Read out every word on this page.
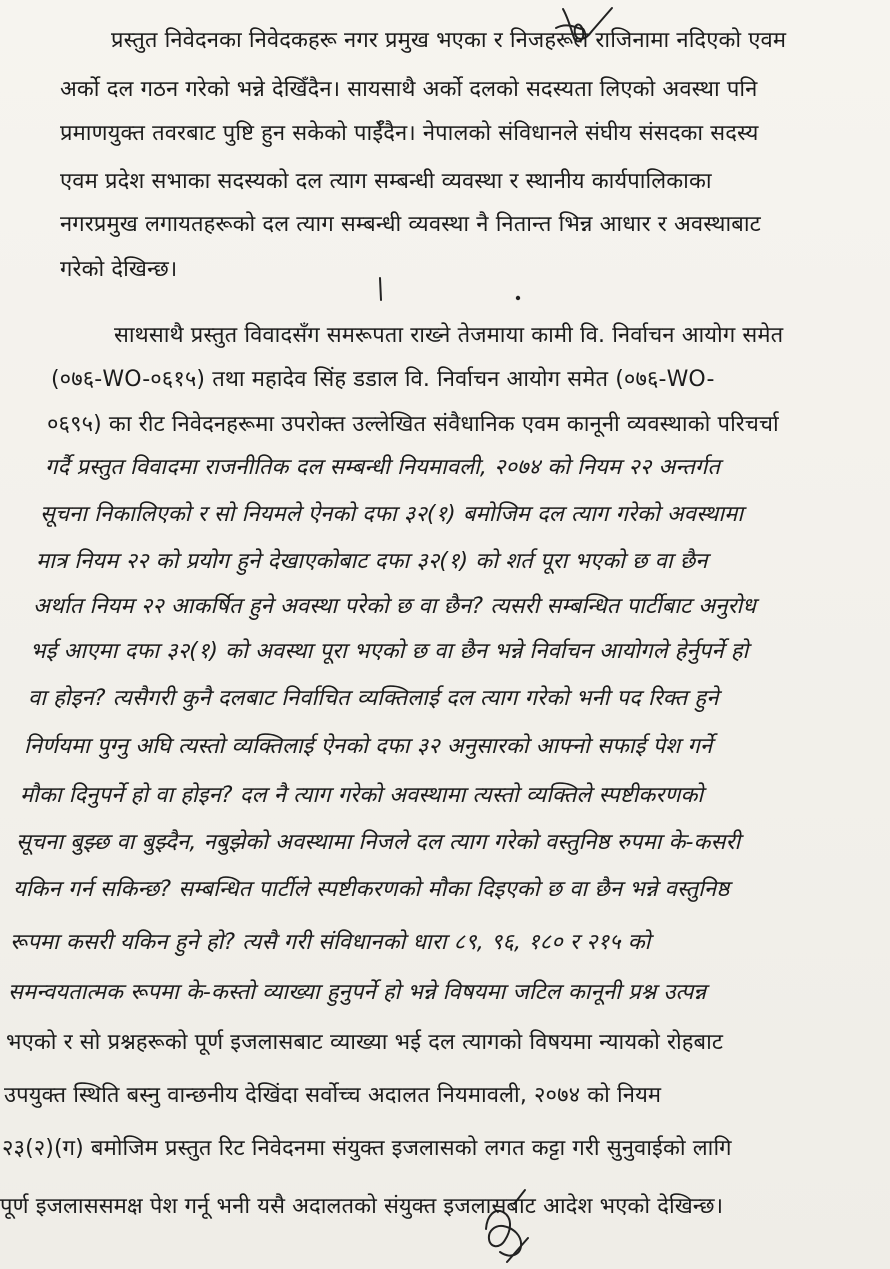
प्रस्तुत निवेदनका निवेदकहरू नगर प्रमुख भएका र निजहरूले राजिनामा नदिएको एवम
अर्को दल गठन गरेको भन्ने देखिँदैन। सायसाथै अर्को दलको सदस्यता लिएको अवस्था पनि
प्रमाणयुक्त तवरबाट पुष्टि हुन सकेको पाईँदैन। नेपालको संविधानले संघीय संसदका सदस्य
एवम प्रदेश सभाका सदस्यको दल त्याग सम्बन्धी व्यवस्था र स्थानीय कार्यपालिकाका
नगरप्रमुख लगायतहरूको दल त्याग सम्बन्धी व्यवस्था नै नितान्त भिन्न आधार र अवस्थाबाट
गरेको देखिन्छ।
साथसाथै प्रस्तुत विवादसँग समरूपता राख्ने तेजमाया कामी वि. निर्वाचन आयोग समेत
(०७६-WO-०६१५) तथा महादेव सिंह डडाल वि. निर्वाचन आयोग समेत (०७६-WO-
०६९५) का रीट निवेदनहरूमा उपरोक्त उल्लेखित संवैधानिक एवम कानूनी व्यवस्थाको परिचर्चा
गर्दै प्रस्तुत विवादमा राजनीतिक दल सम्बन्धी नियमावली, २०७४ को नियम २२ अन्तर्गत
सूचना निकालिएको र सो नियमले ऐनको दफा ३२(१) बमोजिम दल त्याग गरेको अवस्थामा
मात्र नियम २२ को प्रयोग हुने देखाएकोबाट दफा ३२(१) को शर्त पूरा भएको छ वा छैन
अर्थात नियम २२ आकर्षित हुने अवस्था परेको छ वा छैन? त्यसरी सम्बन्धित पार्टीबाट अनुरोध
भई आएमा दफा ३२(१) को अवस्था पूरा भएको छ वा छैन भन्ने निर्वाचन आयोगले हेर्नुपर्ने हो
वा होइन? त्यसैगरी कुनै दलबाट निर्वाचित व्यक्तिलाई दल त्याग गरेको भनी पद रिक्त हुने
निर्णयमा पुग्नु अघि त्यस्तो व्यक्तिलाई ऐनको दफा ३२ अनुसारको आफ्नो सफाई पेश गर्ने
मौका दिनुपर्ने हो वा होइन? दल नै त्याग गरेको अवस्थामा त्यस्तो व्यक्तिले स्पष्टीकरणको
सूचना बुझ्छ वा बुझ्दैन, नबुझेको अवस्थामा निजले दल त्याग गरेको वस्तुनिष्ठ रुपमा के-कसरी
यकिन गर्न सकिन्छ? सम्बन्धित पार्टीले स्पष्टीकरणको मौका दिइएको छ वा छैन भन्ने वस्तुनिष्ठ
रूपमा कसरी यकिन हुने हो? त्यसै गरी संविधानको धारा ८९, ९६, १८० र २१५ को
समन्वयतात्मक रूपमा के-कस्तो व्याख्या हुनुपर्ने हो भन्ने विषयमा जटिल कानूनी प्रश्न उत्पन्न
भएको र सो प्रश्नहरूको पूर्ण इजलासबाट व्याख्या भई दल त्यागको विषयमा न्यायको रोहबाट
उपयुक्त स्थिति बस्नु वान्छनीय देखिंदा सर्वोच्च अदालत नियमावली, २०७४ को नियम
२३(२)(ग) बमोजिम प्रस्तुत रिट निवेदनमा संयुक्त इजलासको लगत कट्टा गरी सुनुवाईको लागि
पूर्ण इजलाससमक्ष पेश गर्नू भनी यसै अदालतको संयुक्त इजलासबाट आदेश भएको देखिन्छ।
